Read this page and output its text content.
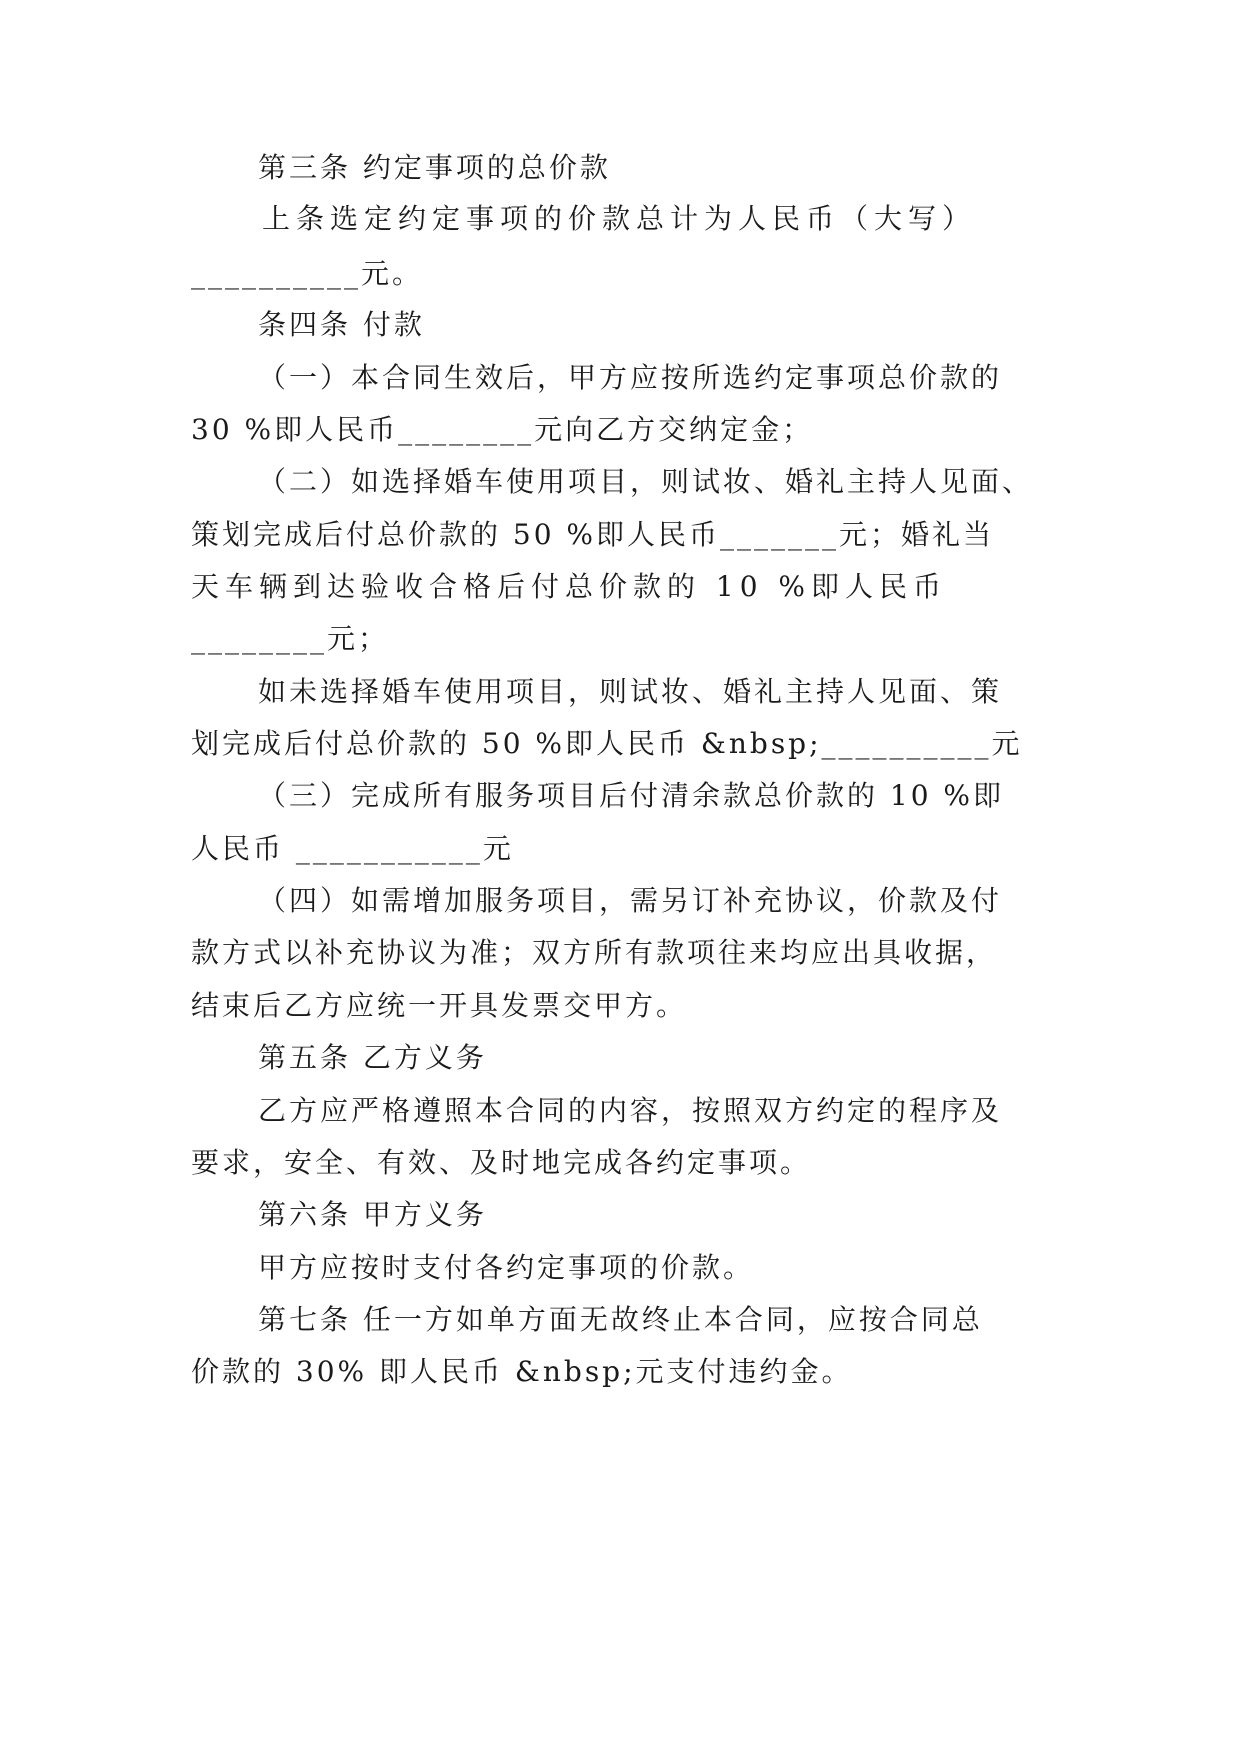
第三条 约定事项的总价款
上条选定约定事项的价款总计为人民币（大写）
__________元。
条四条 付款
（一）本合同生效后，甲方应按所选约定事项总价款的
30 %即人民币________元向乙方交纳定金；
（二）如选择婚车使用项目，则试妆、婚礼主持人见面、
策划完成后付总价款的 50 %即人民币_______元；婚礼当
天车辆到达验收合格后付总价款的 10 %即人民币
________元；
如未选择婚车使用项目，则试妆、婚礼主持人见面、策
划完成后付总价款的 50 %即人民币 &nbsp;__________元
（三）完成所有服务项目后付清余款总价款的 10 %即
人民币 ___________元
（四）如需增加服务项目，需另订补充协议，价款及付
款方式以补充协议为准；双方所有款项往来均应出具收据，
结束后乙方应统一开具发票交甲方。
第五条 乙方义务
乙方应严格遵照本合同的内容，按照双方约定的程序及
要求，安全、有效、及时地完成各约定事项。
第六条 甲方义务
甲方应按时支付各约定事项的价款。
第七条 任一方如单方面无故终止本合同，应按合同总
价款的 30% 即人民币 &nbsp;元支付违约金。
